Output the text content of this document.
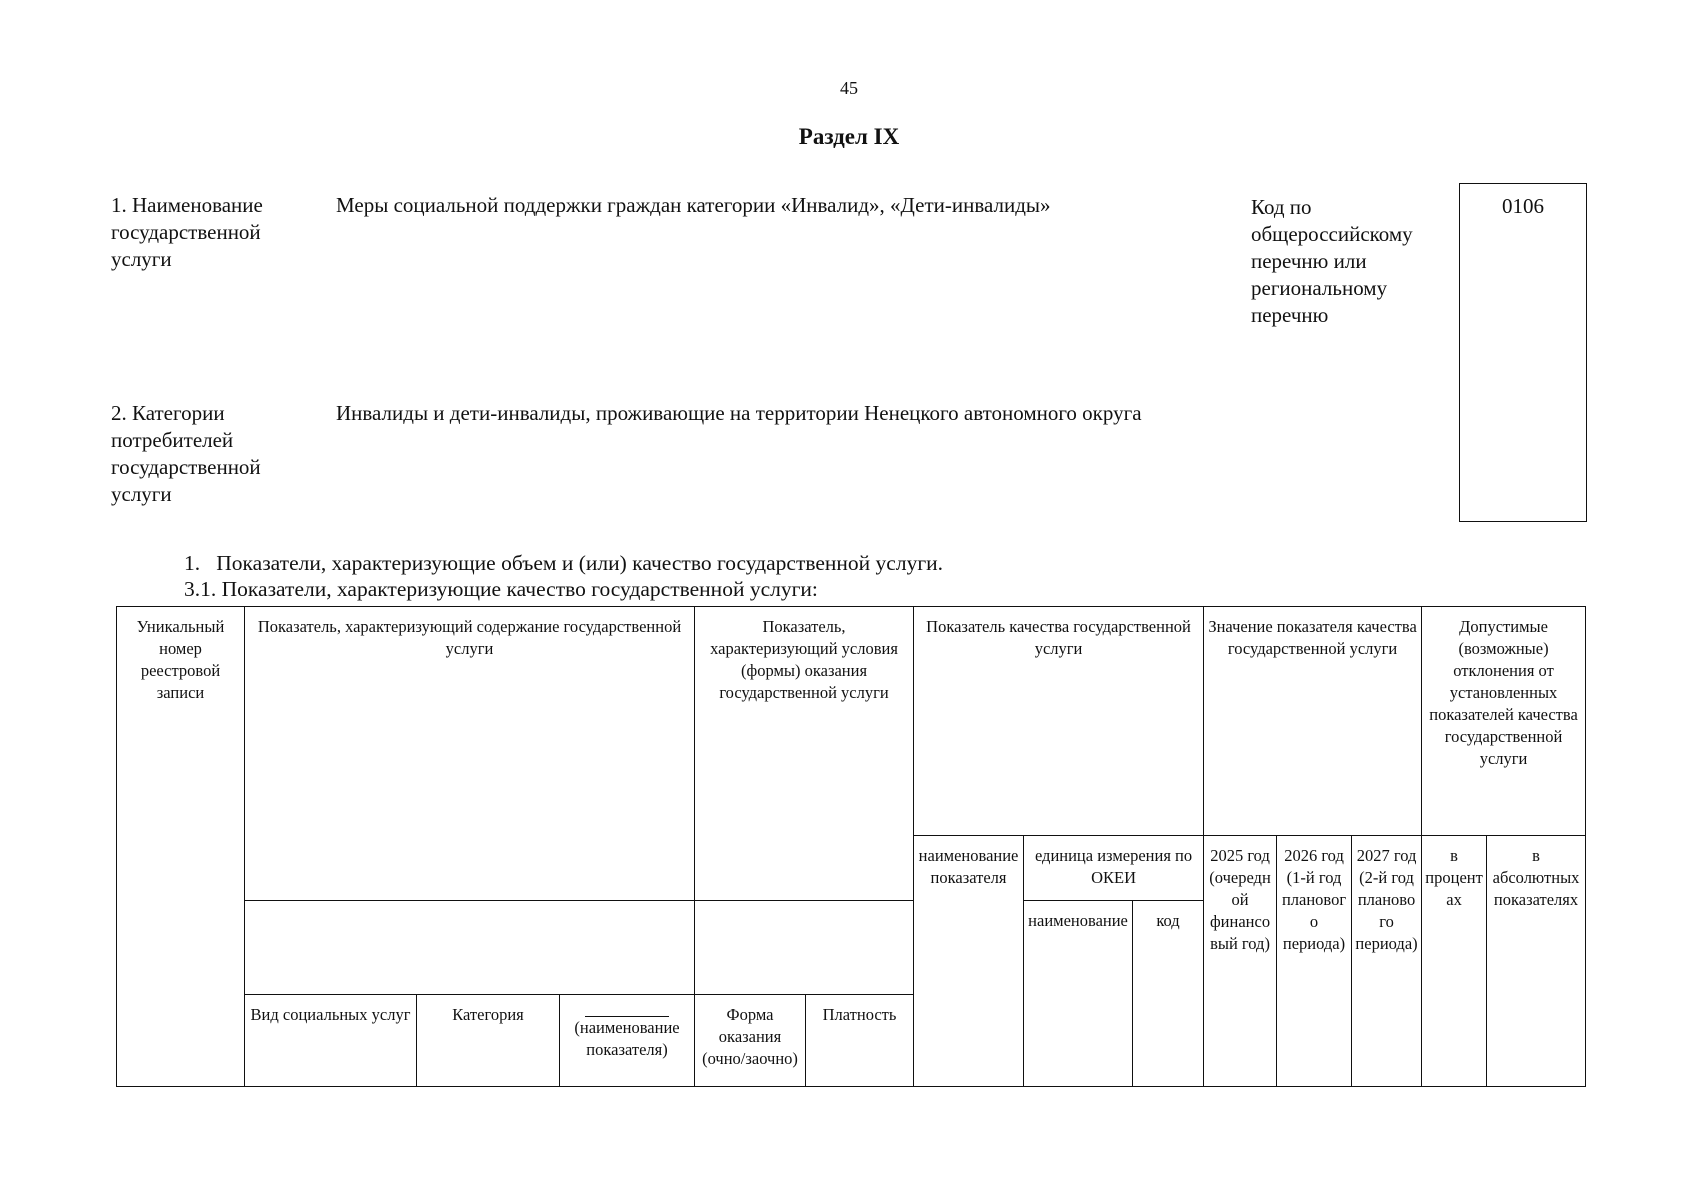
45
Раздел IX
1. Наименование государственной услуги
Меры социальной поддержки граждан категории «Инвалид», «Дети-инвалиды»	Код по общероссийскому перечню или региональному перечню
0106
2. Категории потребителей государственной услуги
Инвалиды и дети-инвалиды, проживающие на территории Ненецкого автономного округа
1.   Показатели, характеризующие объем и (или) качество государственной услуги.
3.1. Показатели, характеризующие качество государственной услуги:
Уникальный номер реестровой записи	Показатель, характеризующий содержание государственной услуги			Показатель, характеризующий условия (формы) оказания государственной услуги		Показатель качества государственной услуги			Значение показателя качества государственной услуги			Допустимые (возможные) отклонения от установленных показателей качества государственной услуги	
						наименование показателя	единица измерения по ОКЕИ		2025 год (очередной финансовый год)	2026 год (1-й год планового периода)	2027 год (2-й год планового периода)	в процентах	в абсолютных показателях
							наименование	код					
	Вид социальных услуг	Категория	(наименование показателя)	Форма оказания (очно/заочно)	Платность								
